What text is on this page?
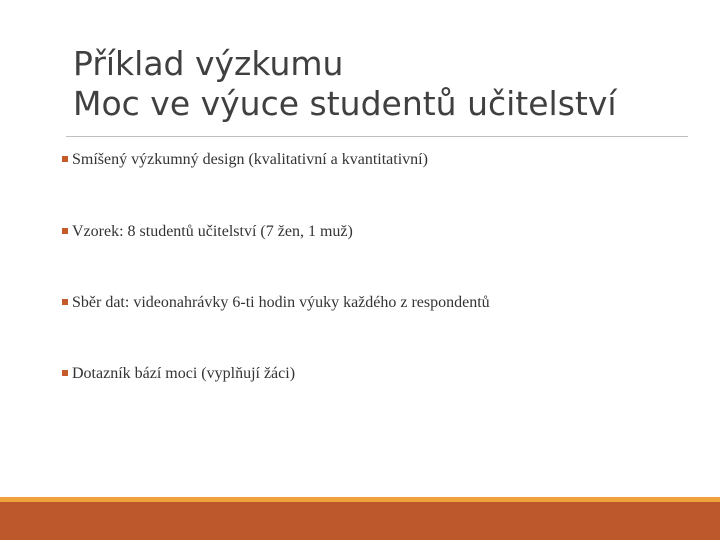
Příklad výzkumu
Moc ve výuce studentů učitelství
Smíšený výzkumný design (kvalitativní a kvantitativní)
Vzorek: 8 studentů učitelství (7 žen, 1 muž)
Sběr dat: videonahrávky 6-ti hodin výuky každého z respondentů
Dotazník bází moci (vyplňují žáci)
